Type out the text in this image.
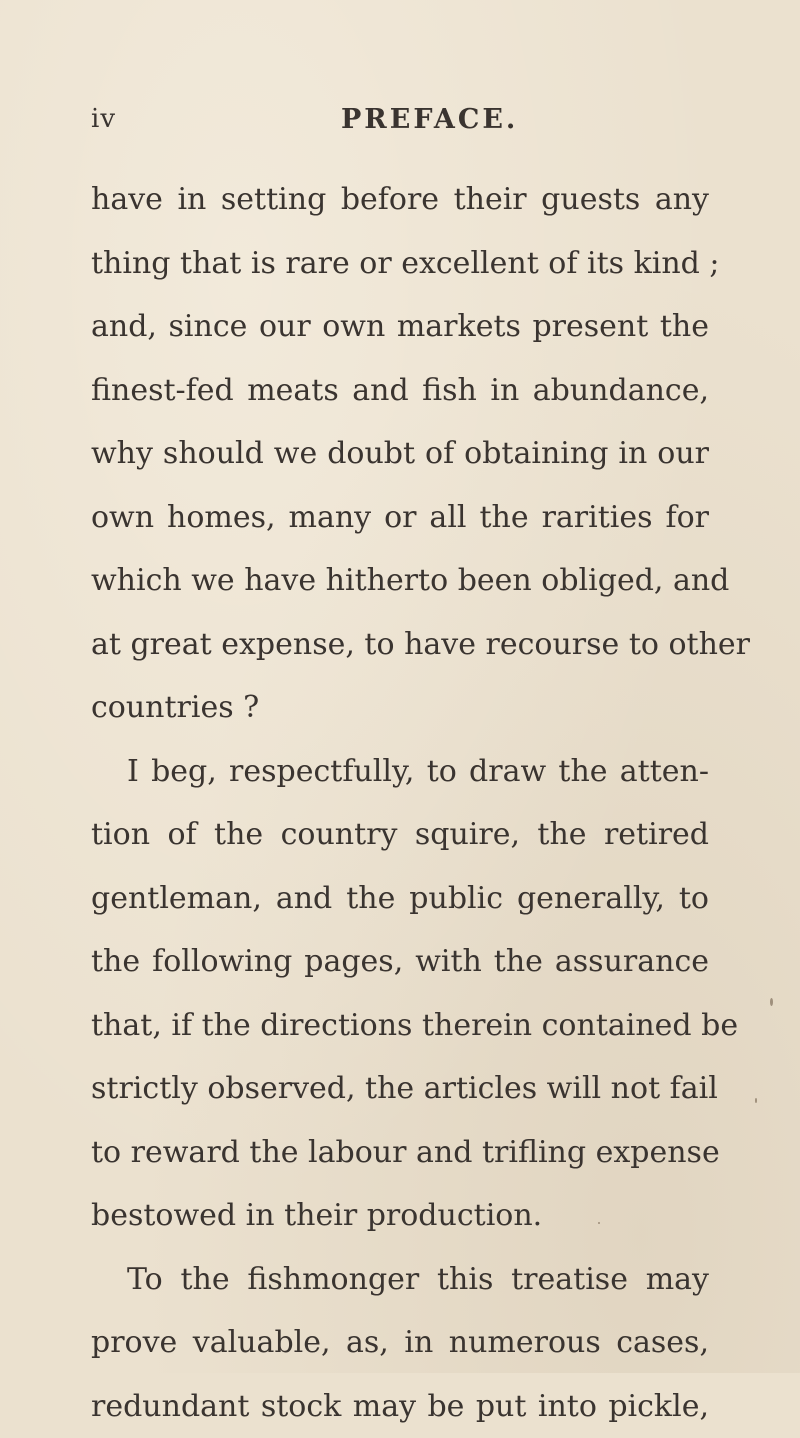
iv	PREFACE.
have in setting before their guests any
thing that is rare or excellent of its kind ;
and, since our own markets present the
finest-fed meats and fish in abundance,
why should we doubt of obtaining in our
own homes, many or all the rarities for
which we have hitherto been obliged, and
at great expense, to have recourse to other
countries ?
I beg, respectfully, to draw the atten-
tion of the country squire, the retired
gentleman, and the public generally, to
the following pages, with the assurance
that, if the directions therein contained be
strictly observed, the articles will not fail
to reward the labour and trifling expense
bestowed in their production.
To the fishmonger this treatise may
prove valuable, as, in numerous cases,
redundant stock may be put into pickle,
